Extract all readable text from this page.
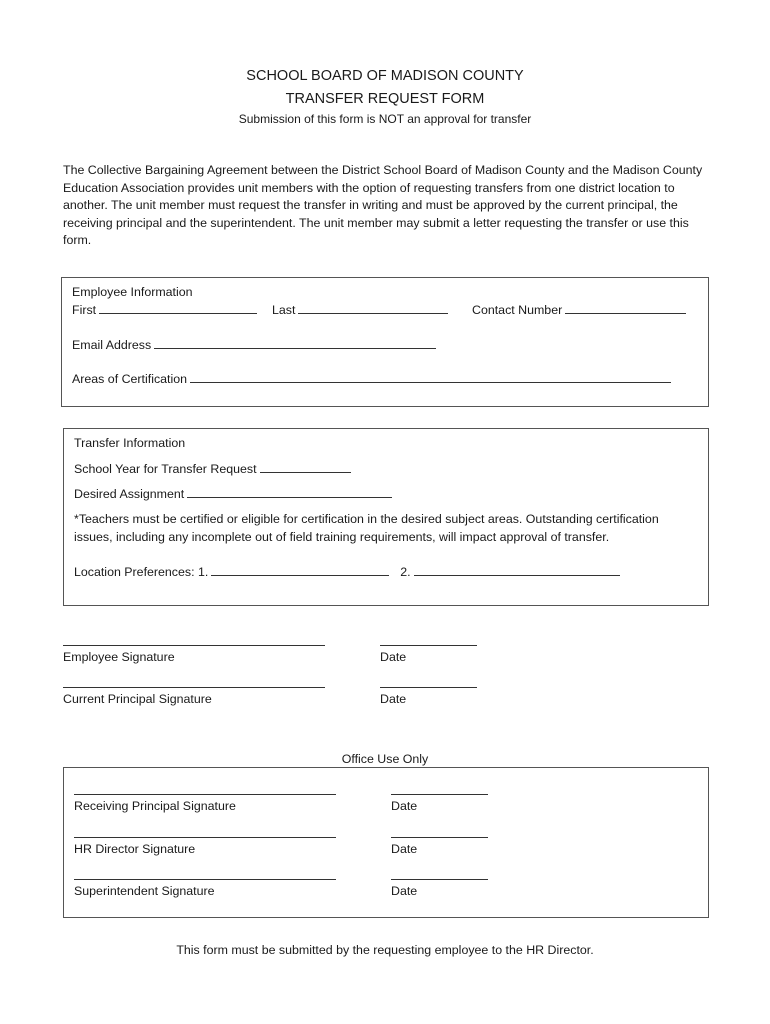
SCHOOL BOARD OF MADISON COUNTY
TRANSFER REQUEST FORM
Submission of this form is NOT an approval for transfer
The Collective Bargaining Agreement between the District School Board of Madison County and the Madison County Education Association provides unit members with the option of requesting transfers from one district location to another. The unit member must request the transfer in writing and must be approved by the current principal, the receiving principal and the superintendent. The unit member may submit a letter requesting the transfer or use this form.
Employee Information
First	Last	Contact Number
Email Address
Areas of Certification
Transfer Information
School Year for Transfer Request
Desired Assignment
*Teachers must be certified or eligible for certification in the desired subject areas. Outstanding certification issues, including any incomplete out of field training requirements, will impact approval of transfer.
Location Preferences: 1.	2.
Employee Signature	Date
Current Principal Signature	Date
Office Use Only
Receiving Principal Signature	Date
HR Director Signature	Date
Superintendent Signature	Date
This form must be submitted by the requesting employee to the HR Director.
